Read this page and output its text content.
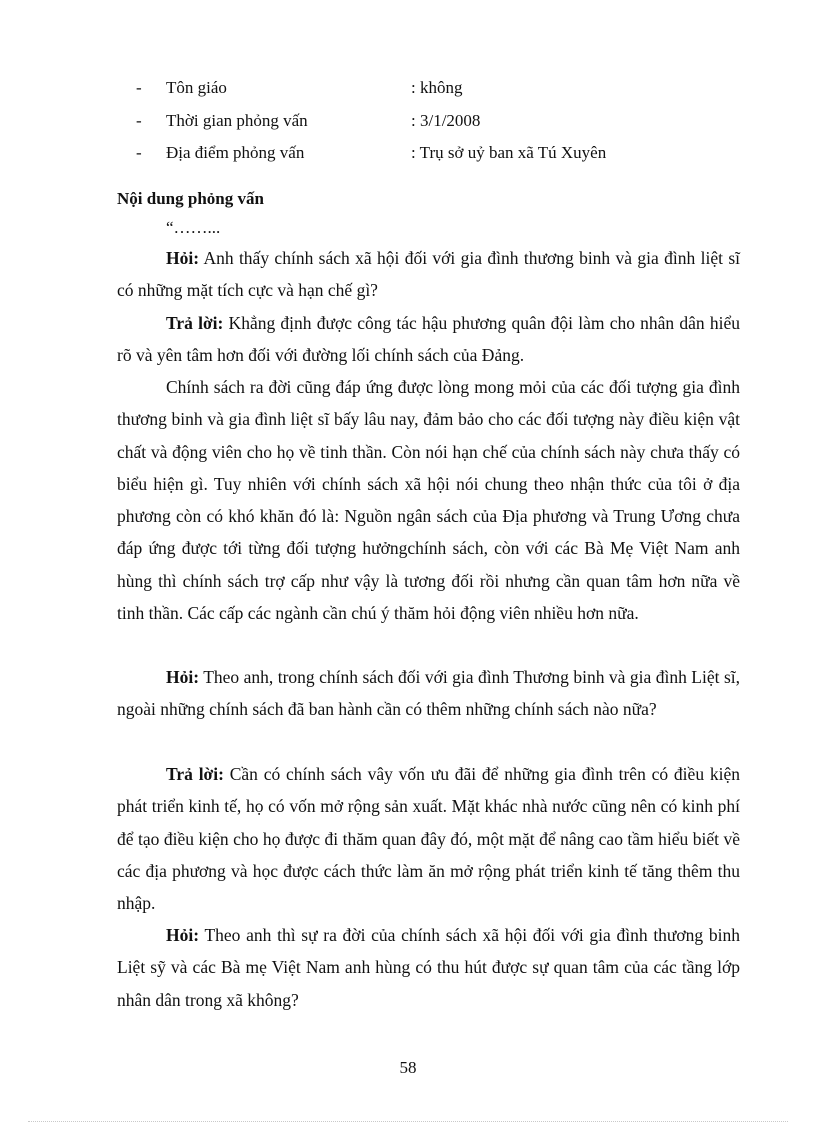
- Tôn giáo	: không
- Thời gian phỏng vấn	: 3/1/2008
- Địa điểm phỏng vấn	: Trụ sở uỷ ban xã Tú Xuyên
Nội dung phỏng vấn
“……...

Hỏi: Anh thấy chính sách xã hội đối với gia đình thương binh và gia đình liệt sĩ có những mặt tích cực và hạn chế gì?

Trả lời: Khẳng định được công tác hậu phương quân đội làm cho nhân dân hiểu rõ và yên tâm hơn đối với đường lối chính sách của Đảng.

Chính sách ra đời cũng đáp ứng được lòng mong mỏi của các đối tượng gia đình thương binh và gia đình liệt sĩ bấy lâu nay, đảm bảo cho các đối tượng này điều kiện vật chất và động viên cho họ về tinh thần. Còn nói hạn chế của chính sách này chưa thấy có biểu hiện gì. Tuy nhiên với chính sách xã hội nói chung theo nhận thức của tôi ở địa phương còn có khó khăn đó là: Nguồn ngân sách của Địa phương và Trung Ương chưa đáp ứng được tới từng đối tượng hưởngchính sách, còn với các Bà Mẹ Việt Nam anh hùng thì chính sách trợ cấp như vậy là tương đối rồi nhưng cần quan tâm hơn nữa về tinh thần. Các cấp các ngành cần chú ý thăm hỏi động viên nhiều hơn nữa.

Hỏi: Theo anh, trong chính sách đối với gia đình Thương binh và gia đình Liệt sĩ, ngoài những chính sách đã ban hành cần có thêm những chính sách nào nữa?

Trả lời: Cần có chính sách vây vốn ưu đãi để những gia đình trên có điều kiện phát triển kinh tế, họ có vốn mở rộng sản xuất. Mặt khác nhà nước cũng nên có kinh phí để tạo điều kiện cho họ được đi thăm quan đây đó, một mặt để nâng cao tầm hiểu biết về các địa phương và học được cách thức làm ăn mở rộng phát triển kinh tế tăng thêm thu nhập.

Hỏi: Theo anh thì sự ra đời của chính sách xã hội đối với gia đình thương binh Liệt sỹ và các Bà mẹ Việt Nam anh hùng có thu hút được sự quan tâm của các tầng lớp nhân dân trong xã không?

58
